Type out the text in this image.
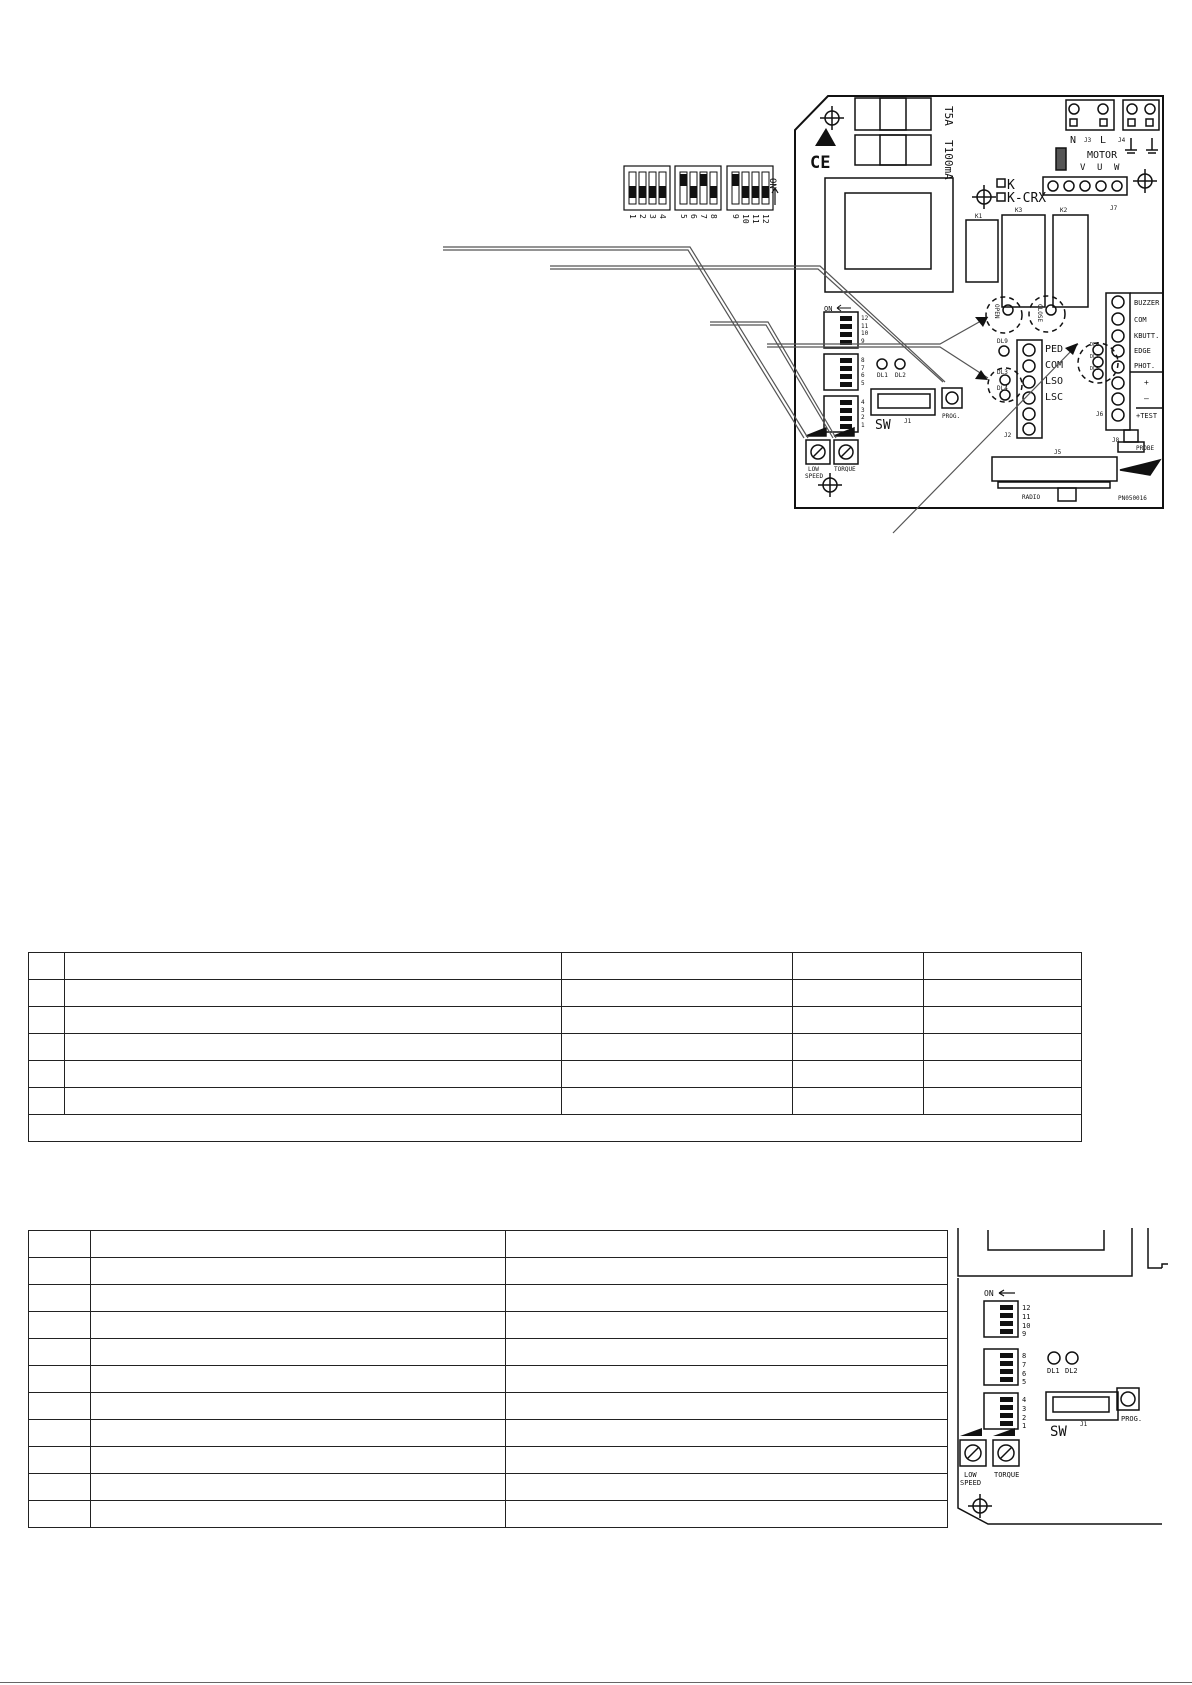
T5A
T100mA
CE
N L
J3	J4
MOTOR
V U W
J7
K
K-CRX
K1
K3	K2
OPEN	CLOSE
DL9
DL3
DL4
DL6
DL7
DL5
PED
COM
LSO
LSC
J2
BUZZER
COM
KBUTT.
EDGE
PHOT.
+
–
+TEST
J6
ON
12
11
10
9
8
7
6
5
4
3
2
1
DL1 DL2
SW J1
PROG.
LOW
SPEED
TORQUE
RADIO
J5
PROBE
J8
PN050016
ON
1 2 3 4 5 6 7 8 9 10 11 12

ON
12
11
10
9
8
7
6
5
4
3
2
1
DL1 DL2
SW J1
PROG.
LOW
SPEED
TORQUE
